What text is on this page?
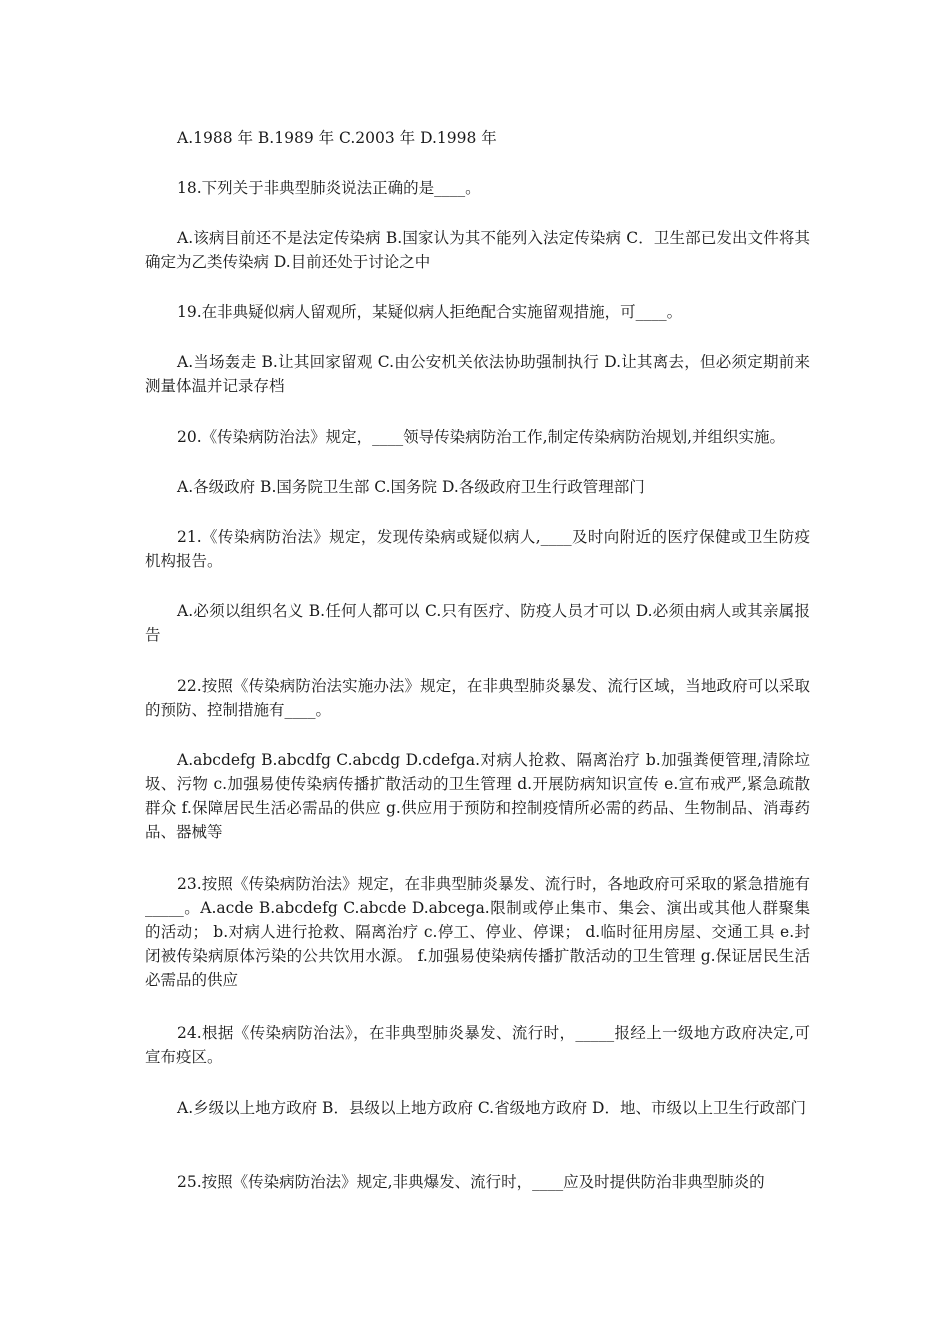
A.1988 年 B.1989 年 C.2003 年 D.1998 年

18.下列关于非典型肺炎说法正确的是____。

A.该病目前还不是法定传染病 B.国家认为其不能列入法定传染病 C．卫生部已发出文件将其确定为乙类传染病 D.目前还处于讨论之中

19.在非典疑似病人留观所，某疑似病人拒绝配合实施留观措施，可____。

A.当场轰走 B.让其回家留观 C.由公安机关依法协助强制执行 D.让其离去，但必须定期前来测量体温并记录存档

20.《传染病防治法》规定，____领导传染病防治工作,制定传染病防治规划,并组织实施。

A.各级政府 B.国务院卫生部 C.国务院 D.各级政府卫生行政管理部门

21.《传染病防治法》规定，发现传染病或疑似病人,____及时向附近的医疗保健或卫生防疫机构报告。

A.必须以组织名义 B.任何人都可以 C.只有医疗、防疫人员才可以 D.必须由病人或其亲属报告

22.按照《传染病防治法实施办法》规定，在非典型肺炎暴发、流行区域，当地政府可以采取的预防、控制措施有____。

A.abcdefg B.abcdfg C.abcdg D.cdefga.对病人抢救、隔离治疗 b.加强粪便管理,清除垃圾、污物 c.加强易使传染病传播扩散活动的卫生管理 d.开展防病知识宣传 e.宣布戒严,紧急疏散群众 f.保障居民生活必需品的供应 g.供应用于预防和控制疫情所必需的药品、生物制品、消毒药品、器械等

23.按照《传染病防治法》规定，在非典型肺炎暴发、流行时，各地政府可采取的紧急措施有_____。A.acde B.abcdefg C.abcde D.abcega.限制或停止集市、集会、演出或其他人群聚集的活动； b.对病人进行抢救、隔离治疗 c.停工、停业、停课； d.临时征用房屋、交通工具 e.封闭被传染病原体污染的公共饮用水源。 f.加强易使染病传播扩散活动的卫生管理 g.保证居民生活必需品的供应

24.根据《传染病防治法》，在非典型肺炎暴发、流行时，_____报经上一级地方政府决定,可宣布疫区。

A.乡级以上地方政府 B．县级以上地方政府 C.省级地方政府 D．地、市级以上卫生行政部门

25.按照《传染病防治法》规定,非典爆发、流行时，____应及时提供防治非典型肺炎的
